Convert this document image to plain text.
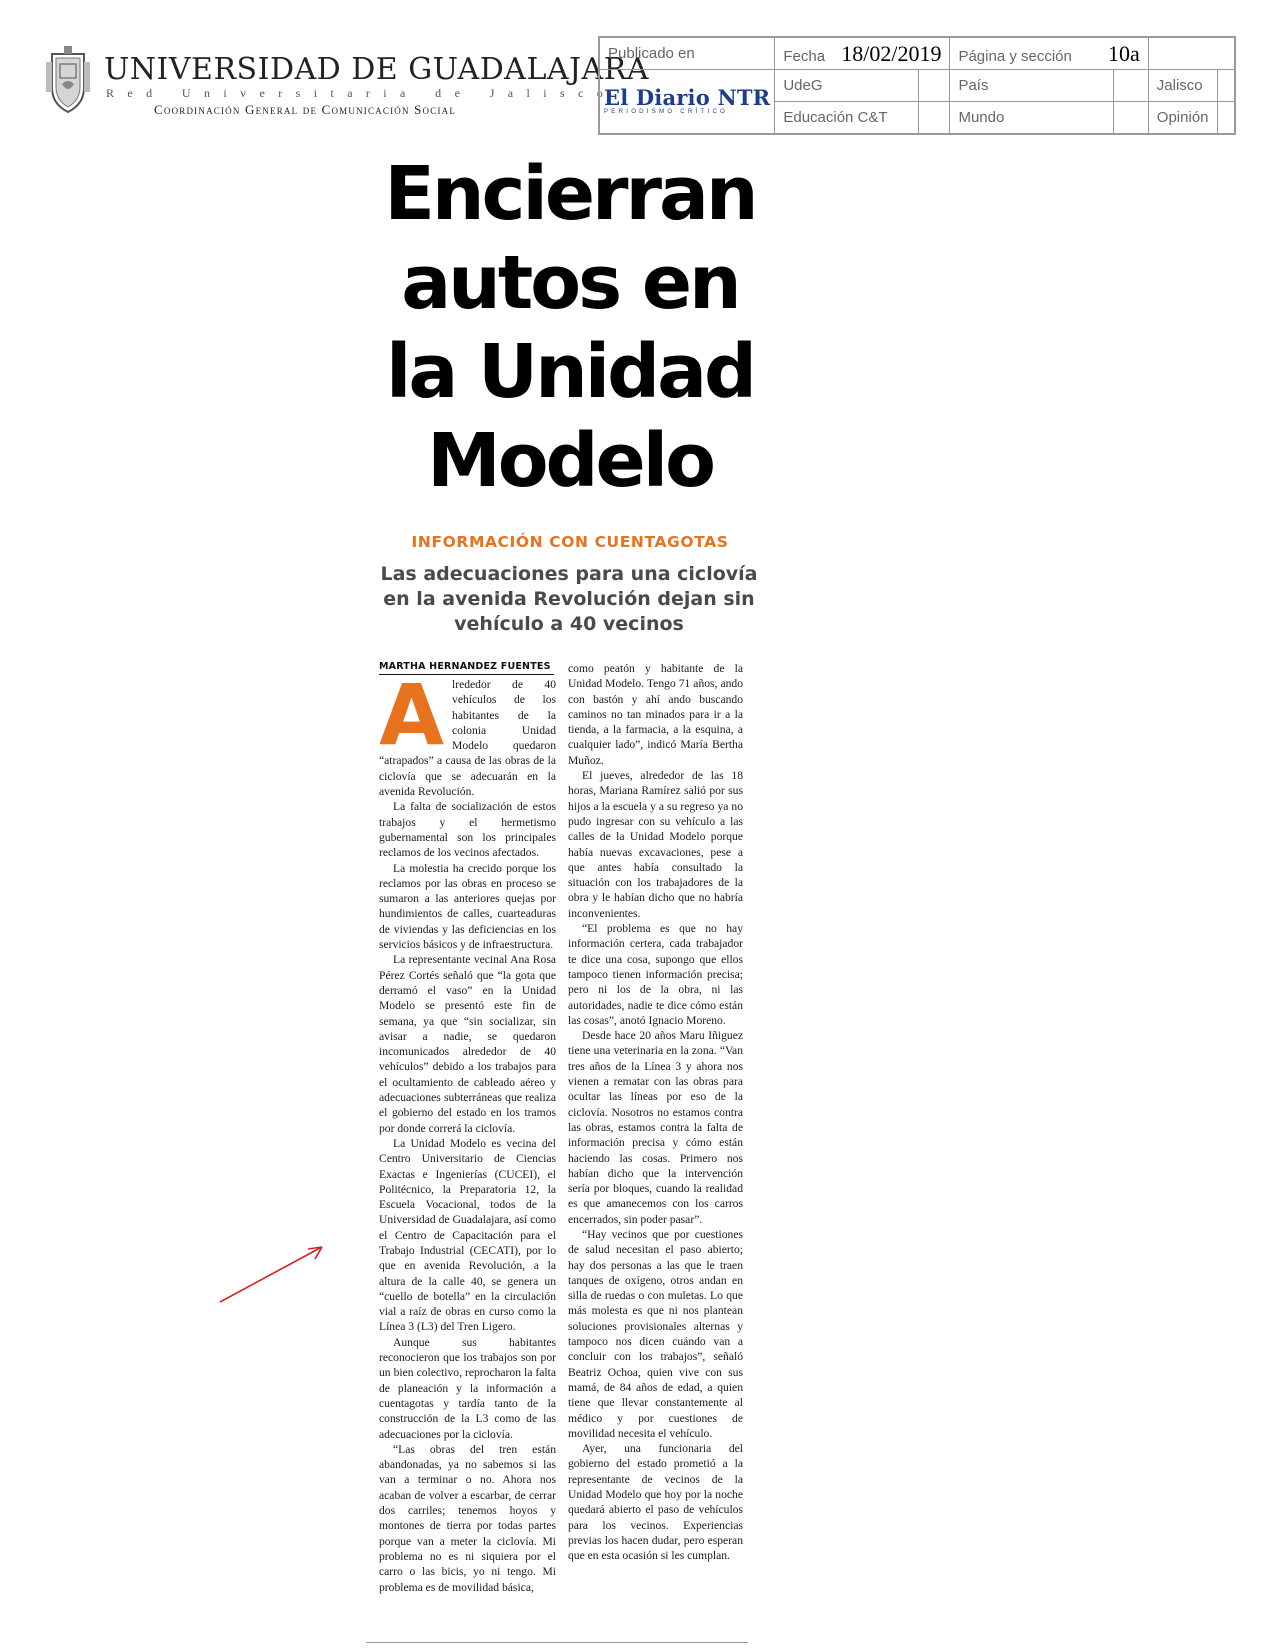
UNIVERSIDAD DE GUADALAJARA
Red Universitaria de Jalisco
Coordinación General de Comunicación Social
Publicado en	Fecha 18/02/2019		Página y sección 10a			

El Diario NTR
PERIODISMO CRÍTICO	UdeG		País		Jalisco	
	Educación C&T		Mundo		Opinión	
Encierran autos en la Unidad Modelo
INFORMACIÓN CON CUENTAGOTAS

Las adecuaciones para una ciclovía en la avenida Revolución dejan sin vehículo a 40 vecinos

MARTHA HERNÁNDEZ FUENTES
A lrededor de 40 vehículos de los habitantes de la colonia Unidad Modelo quedaron “atrapados” a causa de las obras de la ciclovía que se adecuarán en la avenida Revolución.

La falta de socialización de estos trabajos y el hermetismo gubernamental son los principales reclamos de los vecinos afectados.

La molestia ha crecido porque los reclamos por las obras en proceso se sumaron a las anteriores quejas por hundimientos de calles, cuarteaduras de viviendas y las deficiencias en los servicios básicos y de infraestructura.

La representante vecinal Ana Rosa Pérez Cortés señaló que “la gota que derramó el vaso” en la Unidad Modelo se presentó este fin de semana, ya que “sin socializar, sin avisar a nadie, se quedaron incomunicados alrededor de 40 vehículos” debido a los trabajos para el ocultamiento de cableado aéreo y adecuaciones subterráneas que realiza el gobierno del estado en los tramos por donde correrá la ciclovía.

La Unidad Modelo es vecina del Centro Universitario de Ciencias Exactas e Ingenierías (CUCEI), el Politécnico, la Preparatoria 12, la Escuela Vocacional, todos de la Universidad de Guadalajara, así como el Centro de Capacitación para el Trabajo Industrial (CECATI), por lo que en avenida Revolución, a la altura de la calle 40, se genera un “cuello de botella” en la circulación vial a raíz de obras en curso como la Línea 3 (L3) del Tren Ligero.

Aunque sus habitantes reconocieron que los trabajos son por un bien colectivo, reprocharon la falta de planeación y la información a cuentagotas y tardía tanto de la construcción de la L3 como de las adecuaciones por la ciclovía.

“Las obras del tren están abandonadas, ya no sabemos si las van a terminar o no. Ahora nos acaban de volver a escarbar, de cerrar dos carriles; tenemos hoyos y montones de tierra por todas partes porque van a meter la ciclovía. Mi problema no es ni siquiera por el carro o las bicis, yo ni tengo. Mi problema es de movilidad básica,

como peatón y habitante de la Unidad Modelo. Tengo 71 años, ando con bastón y ahí ando buscando caminos no tan minados para ir a la tienda, a la farmacia, a la esquina, a cualquier lado”, indicó María Bertha Muñoz.

El jueves, alrededor de las 18 horas, Mariana Ramírez salió por sus hijos a la escuela y a su regreso ya no pudo ingresar con su vehículo a las calles de la Unidad Modelo porque había nuevas excavaciones, pese a que antes había consultado la situación con los trabajadores de la obra y le habían dicho que no habría inconvenientes.

“El problema es que no hay información certera, cada trabajador te dice una cosa, supongo que ellos tampoco tienen información precisa; pero ni los de la obra, ni las autoridades, nadie te dice cómo están las cosas”, anotó Ignacio Moreno.

Desde hace 20 años Maru Iñiguez tiene una veterinaria en la zona. “Van tres años de la Línea 3 y ahora nos vienen a rematar con las obras para ocultar las líneas por eso de la ciclovía. Nosotros no estamos contra las obras, estamos contra la falta de información precisa y cómo están haciendo las cosas. Primero nos habían dicho que la intervención sería por bloques, cuando la realidad es que amanecemos con los carros encerrados, sin poder pasar”.

“Hay vecinos que por cuestiones de salud necesitan el paso abierto; hay dos personas a las que le traen tanques de oxígeno, otros andan en silla de ruedas o con muletas. Lo que más molesta es que ni nos plantean soluciones provisionales alternas y tampoco nos dicen cuándo van a concluir con los trabajos”, señaló Beatriz Ochoa, quien vive con sus mamá, de 84 años de edad, a quien tiene que llevar constantemente al médico y por cuestiones de movilidad necesita el vehículo.

Ayer, una funcionaria del gobierno del estado prometió a la representante de vecinos de la Unidad Modelo que hoy por la noche quedará abierto el paso de vehículos para los vecinos. Experiencias previas los hacen dudar, pero esperan que en esta ocasión si les cumplan.
